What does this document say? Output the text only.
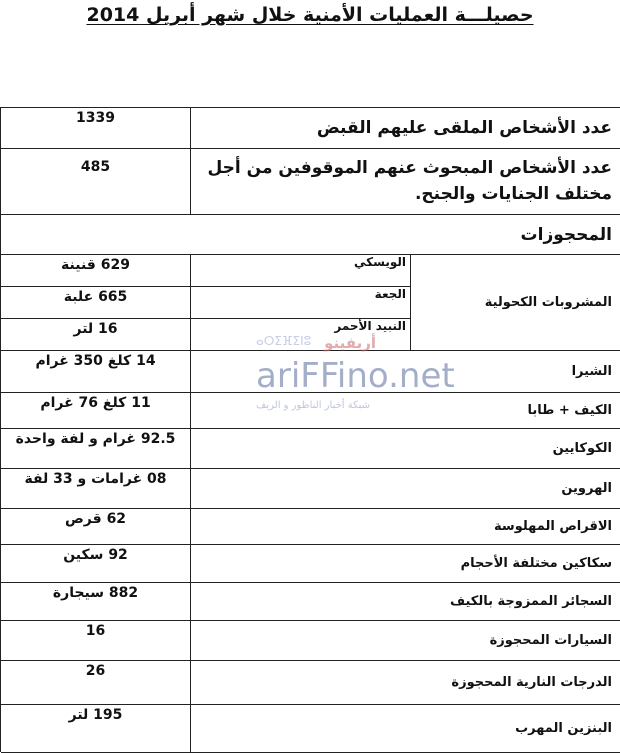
حصيلـــة العمليات الأمنية خلال شهر أبريل 2014
عدد الأشخاص الملقى عليهم القبض
1339
عدد الأشخاص المبحوث عنهم الموقوفين من أجل مختلف الجنايات والجنح.
485
المحجوزات
المشروبات الكحولية
الويسكي
629 قنينة
الجعة
665 علبة
النبيد الأحمر
16 لتر
الشيرا
14 كلغ 350 غرام
الكيف + طابا
11 كلغ 76 غرام
الكوكايين
92.5 غرام و لفة واحدة
الهروين
08 غرامات و 33 لفة
الاقراص المهلوسة
62 قرص
سكاكين مختلفة الأحجام
92 سكين
السجائر الممزوجة بالكيف
882 سيجارة
السيارات المحجوزة
16
الدرجات النارية المحجوزة
26
البنزين المهرب
195 لتر
ⴰⵔⵉⴼⵉⵏⵓ أريفينو
ariFFino.net
شبكة أخبار الناظور و الريف
